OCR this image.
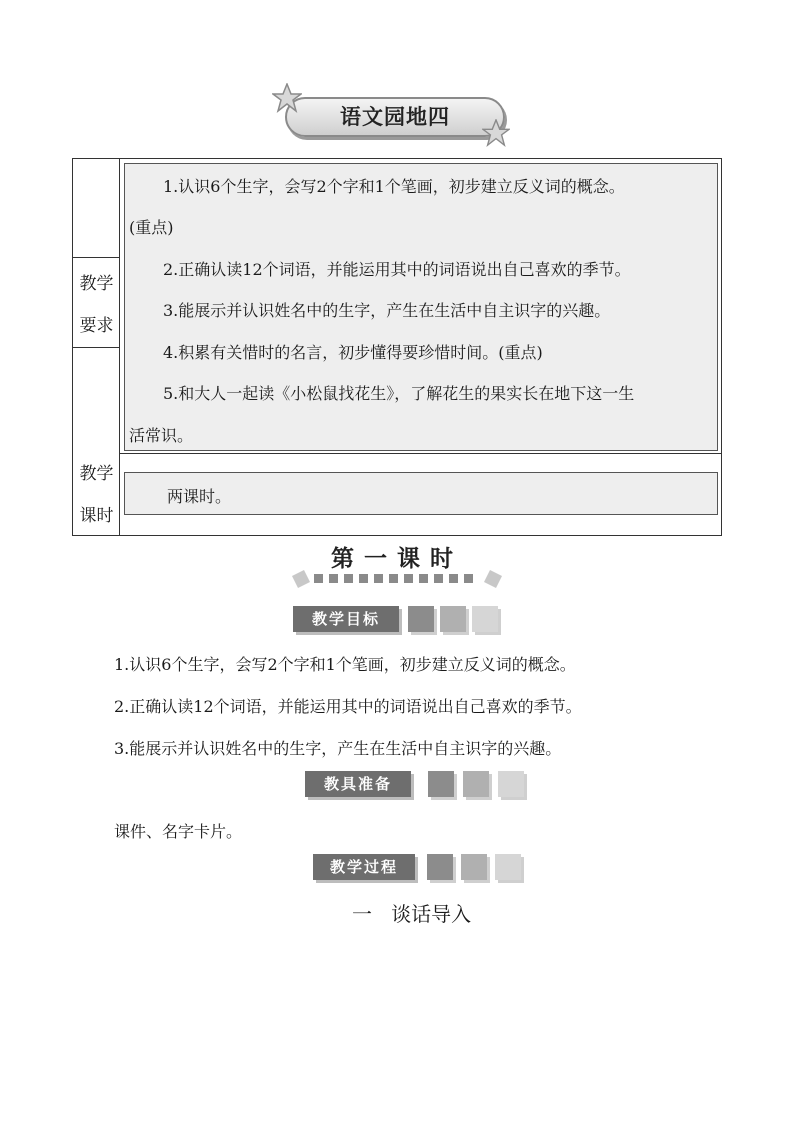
语文园地四
教学
要求
教学
课时
1.认识6个生字，会写2个字和1个笔画，初步建立反义词的概念。
(重点)
2.正确认读12个词语，并能运用其中的词语说出自己喜欢的季节。
3.能展示并认识姓名中的生字，产生在生活中自主识字的兴趣。
4.积累有关惜时的名言，初步懂得要珍惜时间。(重点)
5.和大人一起读《小松鼠找花生》，了解花生的果实长在地下这一生
活常识。
两课时。
第一课时
教学目标
1.认识6个生字，会写2个字和1个笔画，初步建立反义词的概念。
2.正确认读12个词语，并能运用其中的词语说出自己喜欢的季节。
3.能展示并认识姓名中的生字，产生在生活中自主识字的兴趣。
教具准备
课件、名字卡片。
教学过程
一   谈话导入
